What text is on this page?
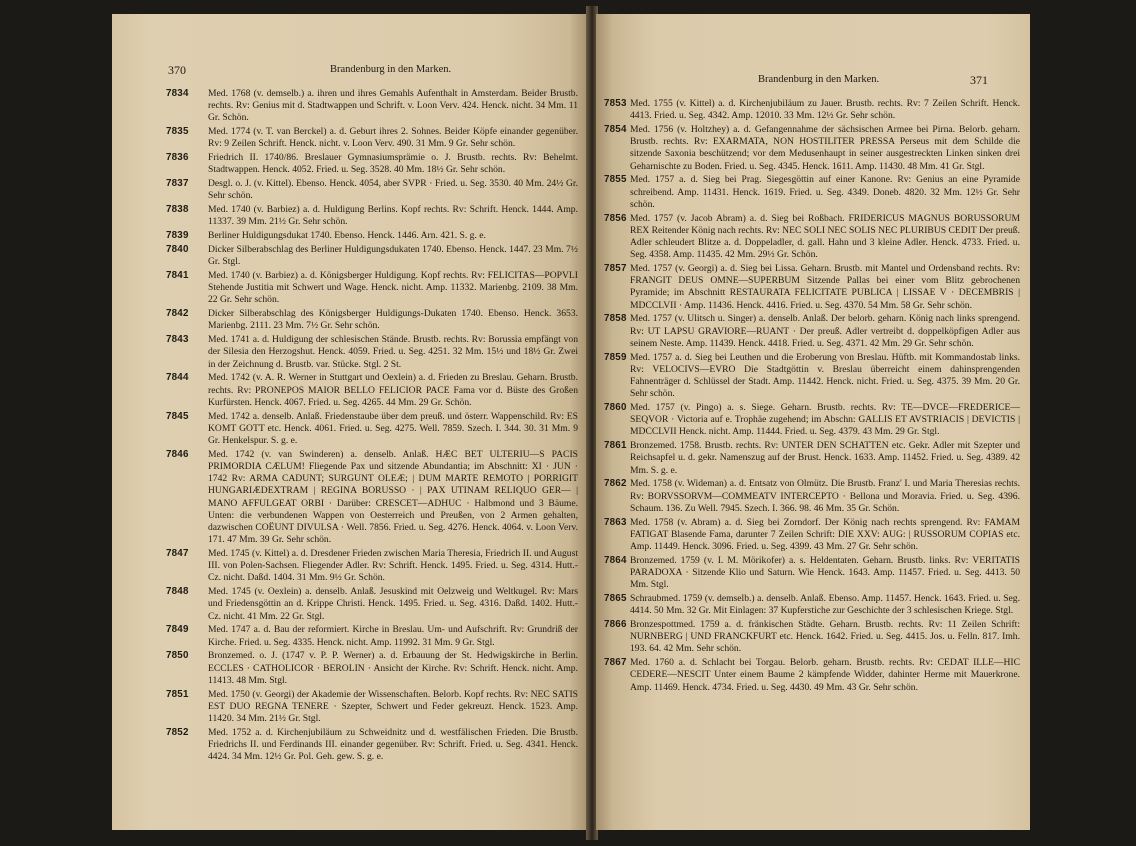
370	Brandenburg in den Marken.
7834 Med. 1768 (v. demselb.) a. ihren und ihres Gemahls Aufenthalt in Amsterdam. Beider Brustb. rechts. Rv: Genius mit d. Stadtwappen und Schrift. v. Loon Verv. 424. Henck. nicht. 34 Mm. 11 Gr. Schön.
7835 Med. 1774 (v. T. van Berckel) a. d. Geburt ihres 2. Sohnes. Beider Köpfe einander gegenüber. Rv: 9 Zeilen Schrift. Henck. nicht. v. Loon Verv. 490. 31 Mm. 9 Gr. Sehr schön.
7836 Friedrich II. 1740/86. Breslauer Gymnasiumsprämie o. J. Brustb. rechts. Rv: Behelmt. Stadtwappen. Henck. 4052. Fried. u. Seg. 3528. 40 Mm. 18½ Gr. Sehr schön.
7837 Desgl. o. J. (v. Kittel). Ebenso. Henck. 4054, aber SVPR · Fried. u. Seg. 3530. 40 Mm. 24½ Gr. Sehr schön.
7838 Med. 1740 (v. Barbiez) a. d. Huldigung Berlins. Kopf rechts. Rv: Schrift. Henck. 1444. Amp. 11337. 39 Mm. 21½ Gr. Sehr schön.
7839 Berliner Huldigungsdukat 1740. Ebenso. Henck. 1446. Arn. 421. S. g. e.
7840 Dicker Silberabschlag des Berliner Huldigungsdukaten 1740. Ebenso. Henck. 1447. 23 Mm. 7½ Gr. Stgl.
7841 Med. 1740 (v. Barbiez) a. d. Königsberger Huldigung. Kopf rechts. Rv: FELICITAS—POPVLI Stehende Justitia mit Schwert und Wage. Henck. nicht. Amp. 11332. Marienbg. 2109. 38 Mm. 22 Gr. Sehr schön.
7842 Dicker Silberabschlag des Königsberger Huldigungs-Dukaten 1740. Ebenso. Henck. 3653. Marienbg. 2111. 23 Mm. 7½ Gr. Sehr schön.
7843 Med. 1741 a. d. Huldigung der schlesischen Stände. Brustb. rechts. Rv: Borussia empfängt von der Silesia den Herzogshut. Henck. 4059. Fried. u. Seg. 4251. 32 Mm. 15½ und 18½ Gr. Zwei in der Zeichnung d. Brustb. var. Stücke. Stgl. 2 St.
7844 Med. 1742 (v. A. R. Werner in Stuttgart und Oexlein) a. d. Frieden zu Breslau. Geharn. Brustb. rechts. Rv: PRONEPOS MAIOR BELLO FELICIOR PACE Fama vor d. Büste des Großen Kurfürsten. Henck. 4067. Fried. u. Seg. 4265. 44 Mm. 29 Gr. Schön.
7845 Med. 1742 a. denselb. Anlaß. Friedenstaube über dem preuß. und österr. Wappenschild. Rv: ES KOMT GOTT etc. Henck. 4061. Fried. u. Seg. 4275. Well. 7859. Szech. I. 344. 30. 31 Mm. 9 Gr. Henkelspur. S. g. e.
7846 Med. 1742 (v. van Swinderen) a. denselb. Anlaß. HÆC BET ULTERIU—S PACIS PRIMORDIA CÆLUM! Fliegende Pax und sitzende Abundantia; im Abschnitt: XI · JUN · 1742 Rv: ARMA CADUNT; SURGUNT OLEÆ; | DUM MARTE REMOTO | PORRIGIT HUNGARIÆDEXTRAM | REGINA BORUSSO · | PAX UTINAM RELIQUO GER— | MANO AFFULGEAT ORBI · Darüber: CRESCET—ADHUC · Halbmond und 3 Bäume. Unten: die verbundenen Wappen von Oesterreich und Preußen, von 2 Armen gehalten, dazwischen COËUNT DIVULSA · Well. 7856. Fried. u. Seg. 4276. Henck. 4064. v. Loon Verv. 171. 47 Mm. 39 Gr. Sehr schön.
7847 Med. 1745 (v. Kittel) a. d. Dresdener Frieden zwischen Maria Theresia, Friedrich II. und August III. von Polen-Sachsen. Fliegender Adler. Rv: Schrift. Henck. 1495. Fried. u. Seg. 4314. Hutt.-Cz. nicht. Daßd. 1404. 31 Mm. 9½ Gr. Schön.
7848 Med. 1745 (v. Oexlein) a. denselb. Anlaß. Jesuskind mit Oelzweig und Weltkugel. Rv: Mars und Friedensgöttin an d. Krippe Christi. Henck. 1495. Fried. u. Seg. 4316. Daßd. 1402. Hutt.-Cz. nicht. 41 Mm. 22 Gr. Stgl.
7849 Med. 1747 a. d. Bau der reformiert. Kirche in Breslau. Um- und Aufschrift. Rv: Grundriß der Kirche. Fried. u. Seg. 4335. Henck. nicht. Amp. 11992. 31 Mm. 9 Gr. Stgl.
7850 Bronzemed. o. J. (1747 v. P. P. Werner) a. d. Erbauung der St. Hedwigskirche in Berlin. ECCLES · CATHOLICOR · BEROLIN · Ansicht der Kirche. Rv: Schrift. Henck. nicht. Amp. 11413. 48 Mm. Stgl.
7851 Med. 1750 (v. Georgi) der Akademie der Wissenschaften. Belorb. Kopf rechts. Rv: NEC SATIS EST DUO REGNA TENERE · Szepter, Schwert und Feder gekreuzt. Henck. 1523. Amp. 11420. 34 Mm. 21½ Gr. Stgl.
7852 Med. 1752 a. d. Kirchenjubiläum zu Schweidnitz und d. westfälischen Frieden. Die Brustb. Friedrichs II. und Ferdinands III. einander gegenüber. Rv: Schrift. Fried. u. Seg. 4341. Henck. 4424. 34 Mm. 12½ Gr. Pol. Geh. gew. S. g. e.
Brandenburg in den Marken.	371
7853 Med. 1755 (v. Kittel) a. d. Kirchenjubiläum zu Jauer. Brustb. rechts. Rv: 7 Zeilen Schrift. Henck. 4413. Fried. u. Seg. 4342. Amp. 12010. 33 Mm. 12½ Gr. Sehr schön.
7854 Med. 1756 (v. Holtzhey) a. d. Gefangennahme der sächsischen Armee bei Pirna. Belorb. geharn. Brustb. rechts. Rv: EXARMATA, NON HOSTILITER PRESSA Perseus mit dem Schilde die sitzende Saxonia beschützend; vor dem Medusenhaupt in seiner ausgestreckten Linken sinken drei Geharnischte zu Boden. Fried. u. Seg. 4345. Henck. 1611. Amp. 11430. 48 Mm. 41 Gr. Stgl.
7855 Med. 1757 a. d. Sieg bei Prag. Siegesgöttin auf einer Kanone. Rv: Genius an eine Pyramide schreibend. Amp. 11431. Henck. 1619. Fried. u. Seg. 4349. Doneb. 4820. 32 Mm. 12½ Gr. Sehr schön.
7856 Med. 1757 (v. Jacob Abram) a. d. Sieg bei Roßbach. FRIDERICUS MAGNUS BORUSSORUM REX Reitender König nach rechts. Rv: NEC SOLI NEC SOLIS NEC PLURIBUS CEDIT Der preuß. Adler schleudert Blitze a. d. Doppeladler, d. gall. Hahn und 3 kleine Adler. Henck. 4733. Fried. u. Seg. 4358. Amp. 11435. 42 Mm. 29½ Gr. Schön.
7857 Med. 1757 (v. Georgi) a. d. Sieg bei Lissa. Geharn. Brustb. mit Mantel und Ordensband rechts. Rv: FRANGIT DEUS OMNE—SUPERBUM Sitzende Pallas bei einer vom Blitz gebrochenen Pyramide; im Abschnitt RESTAURATA FELICITATE PUBLICA | LISSAE V · DECEMBRIS | MDCCLVII · Amp. 11436. Henck. 4416. Fried. u. Seg. 4370. 54 Mm. 58 Gr. Sehr schön.
7858 Med. 1757 (v. Ulitsch u. Singer) a. denselb. Anlaß. Der belorb. geharn. König nach links sprengend. Rv: UT LAPSU GRAVIORE—RUANT · Der preuß. Adler vertreibt d. doppelköpfigen Adler aus seinem Neste. Amp. 11439. Henck. 4418. Fried. u. Seg. 4371. 42 Mm. 29 Gr. Sehr schön.
7859 Med. 1757 a. d. Sieg bei Leuthen und die Eroberung von Breslau. Hüftb. mit Kommandostab links. Rv: VELOCIVS—EVRO Die Stadtgöttin v. Breslau überreicht einem dahinsprengenden Fahnenträger d. Schlüssel der Stadt. Amp. 11442. Henck. nicht. Fried. u. Seg. 4375. 39 Mm. 20 Gr. Sehr schön.
7860 Med. 1757 (v. Pingo) a. s. Siege. Geharn. Brustb. rechts. Rv: TE—DVCE—FREDERICE—SEQVOR · Victoria auf e. Trophäe zugehend; im Abschn: GALLIS ET AVSTRIACIS | DEVICTIS | MDCCLVII Henck. nicht. Amp. 11444. Fried. u. Seg. 4379. 43 Mm. 29 Gr. Stgl.
7861 Bronzemed. 1758. Brustb. rechts. Rv: UNTER DEN SCHATTEN etc. Gekr. Adler mit Szepter und Reichsapfel u. d. gekr. Namenszug auf der Brust. Henck. 1633. Amp. 11452. Fried. u. Seg. 4389. 42 Mm. S. g. e.
7862 Med. 1758 (v. Wideman) a. d. Entsatz von Olmütz. Die Brustb. Franz' I. und Maria Theresias rechts. Rv: BORVSSORVM—COMMEATV INTERCEPTO · Bellona und Moravia. Fried. u. Seg. 4396. Schaum. 136. Zu Well. 7945. Szech. I. 366. 98. 46 Mm. 35 Gr. Schön.
7863 Med. 1758 (v. Abram) a. d. Sieg bei Zorndorf. Der König nach rechts sprengend. Rv: FAMAM FATIGAT Blasende Fama, darunter 7 Zeilen Schrift: DIE XXV: AUG: | RUSSORUM COPIAS etc. Amp. 11449. Henck. 3096. Fried. u. Seg. 4399. 43 Mm. 27 Gr. Sehr schön.
7864 Bronzemed. 1759 (v. I. M. Mörikofer) a. s. Heldentaten. Geharn. Brustb. links. Rv: VERITATIS PARADOXA · Sitzende Klio und Saturn. Wie Henck. 1643. Amp. 11457. Fried. u. Seg. 4413. 50 Mm. Stgl.
7865 Schraubmed. 1759 (v. demselb.) a. denselb. Anlaß. Ebenso. Amp. 11457. Henck. 1643. Fried. u. Seg. 4414. 50 Mm. 32 Gr. Mit Einlagen: 37 Kupferstiche zur Geschichte der 3 schlesischen Kriege. Stgl.
7866 Bronzespottmed. 1759 a. d. fränkischen Städte. Geharn. Brustb. rechts. Rv: 11 Zeilen Schrift: NURNBERG | UND FRANCKFURT etc. Henck. 1642. Fried. u. Seg. 4415. Jos. u. Felln. 817. Imh. 193. 64. 42 Mm. Sehr schön.
7867 Med. 1760 a. d. Schlacht bei Torgau. Belorb. geharn. Brustb. rechts. Rv: CEDAT ILLE—HIC CEDERE—NESCIT Unter einem Baume 2 kämpfende Widder, dahinter Herme mit Mauerkrone. Amp. 11469. Henck. 4734. Fried. u. Seg. 4430. 49 Mm. 43 Gr. Sehr schön.
